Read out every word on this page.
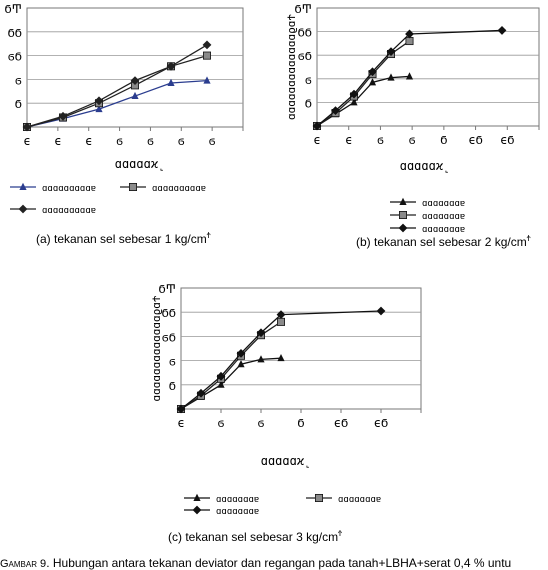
ϬͲ
ϬϬ
ϭϬ
ϭ
Ϭ
ϵ ϵ ϵ ϭ ϭ ϭ ϭ
ɑɑɑɑɑϰ˻
ɑɑɑɑɑɑɑɑɑɐ	ɑɑɑɑɑɑɑɑɑɐ
ɑɑɑɑɑɑɑɑɑɐ
(a) tekanan sel sebesar 1 $kg/cm^Ϯ$
ϬͲ
ϬϬ
ϭϬ
ϭ
Ϭ
ϵ ϵ ϭ ϭ Ϭ ϵϬ ϵϬ
ɑɑɑɑɑϰ˻
ɑɑɑɑɑɑɑɑɑɑɑɑɑϱɑϮ
ɑɑɑɑɑɑɑɐ
ɑɑɑɑɑɑɑɐ
ɑɑɑɑɑɑɑɐ
(b) tekanan sel sebesar 2 $kg/cm^Ϯ$
ϬͲ
ϬϬ
ϭϬ
ϭ
Ϭ
ϵ	ϭ	ϭ	Ϭ ϵϬ ϵϬ
ɑɑɑɑɑϰ˻
ɑɑɑɑɑɑɑɑɑɑɑɑɑϱɑϮ
ɑɑɑɑɑɑɑɐ	ɑɑɑɑɑɑɑɐ
ɑɑɑɑɑɑɑɐ
(c) tekanan sel sebesar 3 $kg/cm^Ϯ$
Gambar 9. Hubungan antara tekanan deviator dan regangan pada tanah+LBHA+serat 0,4 % untu
